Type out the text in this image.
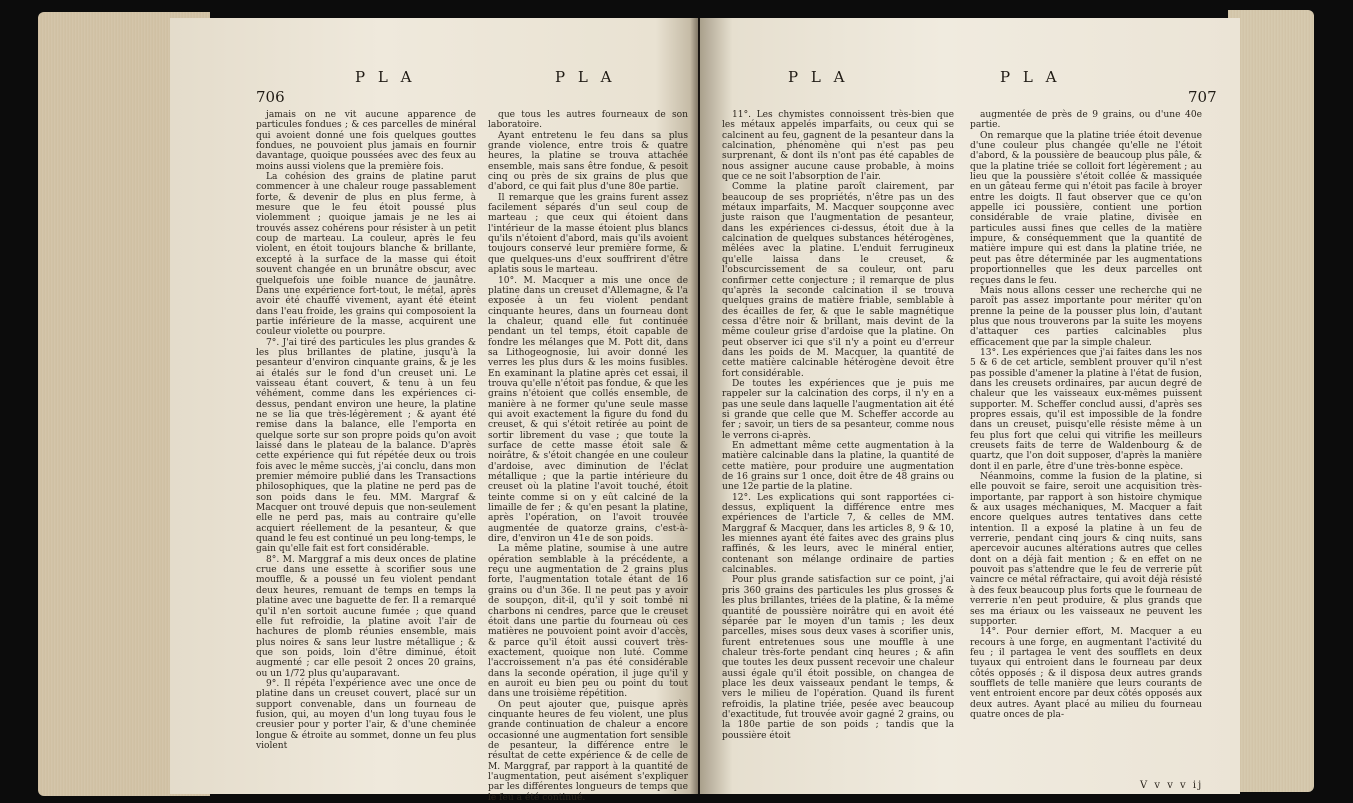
706
P L A	P L A

jamais on ne vit aucune apparence de particules fondues ; & ces parcelles de minéral qui avoient donné une fois quelques gouttes fondues, ne pouvoient plus jamais en fournir davantage, quoique poussées avec des feux au moins aussi violens que la première fois.

La cohésion des grains de platine parut commencer à une chaleur rouge passablement forte, & devenir de plus en plus ferme, à mesure que le feu étoit poussé plus violemment ; quoique jamais je ne les ai trouvés assez cohérens pour résister à un petit coup de marteau. La couleur, après le feu violent, en étoit toujours blanche & brillante, excepté à la surface de la masse qui étoit souvent changée en un brunâtre obscur, avec quelquefois une foible nuance de jaunâtre. Dans une expérience fort-tout, le métal, après avoir été chauffé vivement, ayant été éteint dans l'eau froide, les grains qui composoient la partie inférieure de la masse, acquirent une couleur violette ou pourpre.

7°. J'ai tiré des particules les plus grandes & les plus brillantes de platine, jusqu'à la pesanteur d'environ cinquante grains, & je les ai étalés sur le fond d'un creuset uni. Le vaisseau étant couvert, & tenu à un feu véhément, comme dans les expériences ci-dessus, pendant environ une heure, la platine ne se lia que très-légèrement ; & ayant été remise dans la balance, elle l'emporta en quelque sorte sur son propre poids qu'on avoit laissé dans le plateau de la balance. D'après cette expérience qui fut répétée deux ou trois fois avec le même succès, j'ai conclu, dans mon premier mémoire publié dans les Transactions philosophiques, que la platine ne perd pas de son poids dans le feu. MM. Margraf & Macquer ont trouvé depuis que non-seulement elle ne perd pas, mais au contraire qu'elle acquiert réellement de la pesanteur, & que quand le feu est continué un peu long-temps, le gain qu'elle fait est fort considérable.

8°. M. Marggraf a mis deux onces de platine crue dans une essette à scorifier sous une mouffle, & a poussé un feu violent pendant deux heures, remuant de temps en temps la platine avec une baguette de fer. Il a remarqué qu'il n'en sortoit aucune fumée ; que quand elle fut refroidie, la platine avoit l'air de hachures de plomb réunies ensemble, mais plus noires & sans leur lustre métallique ; & que son poids, loin d'être diminué, étoit augmenté ; car elle pesoit 2 onces 20 grains, ou un 1/72 plus qu'auparavant.

9°. Il répéta l'expérience avec une once de platine dans un creuset couvert, placé sur un support convenable, dans un fourneau de fusion, qui, au moyen d'un long tuyau fous le creusier pour y porter l'air, & d'une cheminée longue & étroite au sommet, donne un feu plus violent

que tous les autres fourneaux de son laboratoire.

Ayant entretenu le feu dans sa plus grande violence, entre trois & quatre heures, la platine se trouva attachée ensemble, mais sans être fondue, & pesoit cinq ou près de six grains de plus que d'abord, ce qui fait plus d'une 80e partie.

Il remarque que les grains furent assez facilement séparés d'un seul coup de marteau ; que ceux qui étoient dans l'intérieur de la masse étoient plus blancs qu'ils n'étoient d'abord, mais qu'ils avoient toujours conservé leur première forme, & que quelques-uns d'eux souffrirent d'être aplatis sous le marteau.

10°. M. Macquer a mis une once de platine dans un creuset d'Allemagne, & l'a exposée à un feu violent pendant cinquante heures, dans un fourneau dont la chaleur, quand elle fut continuée pendant un tel temps, étoit capable de fondre les mélanges que M. Pott dit, dans sa Lithogeognosie, lui avoir donné les verres les plus durs & les moins fusibles. En examinant la platine après cet essai, il trouva qu'elle n'étoit pas fondue, & que les grains n'étoient que collés ensemble, de manière à ne former qu'une seule masse qui avoit exactement la figure du fond du creuset, & qui s'étoit retirée au point de sortir librement du vase ; que toute la surface de cette masse étoit sale & noirâtre, & s'étoit changée en une couleur d'ardoise, avec diminution de l'éclat métallique ; que la partie intérieure du creuset où la platine l'avoit touché, étoit teinte comme si on y eût calciné de la limaille de fer ; & qu'en pesant la platine, après l'opération, on l'avoit trouvée augmentée de quatorze grains, c'est-à-dire, d'environ un 41e de son poids.

La même platine, soumise à une autre opération semblable à la précédente, a reçu une augmentation de 2 grains plus forte, l'augmentation totale étant de 16 grains ou d'un 36e. Il ne peut pas y avoir de soupçon, dit-il, qu'il y soit tombé ni charbons ni cendres, parce que le creuset étoit dans une partie du fourneau où ces matières ne pouvoient point avoir d'accès, & parce qu'il étoit aussi couvert très-exactement, quoique non luté. Comme l'accroissement n'a pas été considérable dans la seconde opération, il juge qu'il y en auroit eu bien peu ou point du tout dans une troisième répétition.

On peut ajouter que, puisque après cinquante heures de feu violent, une plus grande continuation de chaleur a encore occasionné une augmentation fort sensible de pesanteur, la différence entre le résultat de cette expérience & de celle de M. Marggraf, par rapport à la quantité de l'augmentation, peut aisément s'expliquer par les différentes longueurs de temps que le feu a été continué.

P L A	P L A
707

11°. Les chymistes connoissent très-bien que les métaux appelés imparfaits, ou ceux qui se calcinent au feu, gagnent de la pesanteur dans la calcination, phénomène qui n'est pas peu surprenant, & dont ils n'ont pas été capables de nous assigner aucune cause probable, à moins que ce ne soit l'absorption de l'air.

Comme la platine paroît clairement, par beaucoup de ses propriétés, n'être pas un des métaux imparfaits, M. Macquer soupçonne avec juste raison que l'augmentation de pesanteur, dans les expériences ci-dessus, étoit due à la calcination de quelques substances hétérogènes, mêlées avec la platine. L'enduit ferrugineux qu'elle laissa dans le creuset, & l'obscurcissement de sa couleur, ont paru confirmer cette conjecture ; il remarque de plus qu'après la seconde calcination il se trouva quelques grains de matière friable, semblable à des écailles de fer, & que le sable magnétique cessa d'être noir & brillant, mais devint de la même couleur grise d'ardoise que la platine. On peut observer ici que s'il n'y a point eu d'erreur dans les poids de M. Macquer, la quantité de cette matière calcinable hétérogène devoit être fort considérable.

De toutes les expériences que je puis me rappeler sur la calcination des corps, il n'y en a pas une seule dans laquelle l'augmentation ait été si grande que celle que M. Scheffer accorde au fer ; savoir, un tiers de sa pesanteur, comme nous le verrons ci-après.

En admettant même cette augmentation à la matière calcinable dans la platine, la quantité de cette matière, pour produire une augmentation de 16 grains sur 1 once, doit être de 48 grains ou une 12e partie de la platine.

12°. Les explications qui sont rapportées ci-dessus, expliquent la différence entre mes expériences de l'article 7, & celles de MM. Marggraf & Macquer, dans les articles 8, 9 & 10, les miennes ayant été faites avec des grains plus raffinés, & les leurs, avec le minéral entier, contenant son mélange ordinaire de parties calcinables.

Pour plus grande satisfaction sur ce point, j'ai pris 360 grains des particules les plus grosses & les plus brillantes, triées de la platine, & la même quantité de poussière noirâtre qui en avoit été séparée par le moyen d'un tamis ; les deux parcelles, mises sous deux vases à scorifier unis, furent entretenues sous une mouffle à une chaleur très-forte pendant cinq heures ; & afin que toutes les deux pussent recevoir une chaleur aussi égale qu'il étoit possible, on changea de place les deux vaisseaux pendant le temps, & vers le milieu de l'opération. Quand ils furent refroidis, la platine triée, pesée avec beaucoup d'exactitude, fut trouvée avoir gagné 2 grains, ou la 180e partie de son poids ; tandis que la poussière étoit

augmentée de près de 9 grains, ou d'une 40e partie.

On remarque que la platine triée étoit devenue d'une couleur plus changée qu'elle ne l'étoit d'abord, & la poussière de beaucoup plus pâle, & que la platine triée se colloit fort légèrement ; au lieu que la poussière s'étoit collée & massiquée en un gâteau ferme qui n'étoit pas facile à broyer entre les doigts. Il faut observer que ce qu'on appelle ici poussière, contient une portion considérable de vraie platine, divisée en particules aussi fines que celles de la matière impure, & conséquemment que la quantité de matière impure qui est dans la platine triée, ne peut pas être déterminée par les augmentations proportionnelles que les deux parcelles ont reçues dans le feu.

Mais nous allons cesser une recherche qui ne paroît pas assez importante pour mériter qu'on prenne la peine de la pousser plus loin, d'autant plus que nous trouverons par la suite les moyens d'attaquer ces parties calcinables plus efficacement que par la simple chaleur.

13°. Les expériences que j'ai faites dans les nos 5 & 6 de cet article, semblent prouver qu'il n'est pas possible d'amener la platine à l'état de fusion, dans les creusets ordinaires, par aucun degré de chaleur que les vaisseaux eux-mêmes puissent supporter. M. Scheffer conclud aussi, d'après ses propres essais, qu'il est impossible de la fondre dans un creuset, puisqu'elle résiste même à un feu plus fort que celui qui vitrifie les meilleurs creusets faits de terre de Waldenbourg & de quartz, que l'on doit supposer, d'après la manière dont il en parle, être d'une très-bonne espèce.

Néanmoins, comme la fusion de la platine, si elle pouvoit se faire, seroit une acquisition très-importante, par rapport à son histoire chymique & aux usages méchaniques, M. Macquer a fait encore quelques autres tentatives dans cette intention. Il a exposé la platine à un feu de verrerie, pendant cinq jours & cinq nuits, sans apercevoir aucunes altérations autres que celles dont on a déjà fait mention ; & en effet on ne pouvoit pas s'attendre que le feu de verrerie pût vaincre ce métal réfractaire, qui avoit déjà résisté à des feux beaucoup plus forts que le fourneau de verrerie n'en peut produire, & plus grands que ses ma ériaux ou les vaisseaux ne peuvent les supporter.

14°. Pour dernier effort, M. Macquer a eu recours à une forge, en augmentant l'activité du feu ; il partagea le vent des soufflets en deux tuyaux qui entroient dans le fourneau par deux côtés opposés ; & il disposa deux autres grands soufflets de telle manière que leurs courants de vent entroient encore par deux côtés opposés aux deux autres. Ayant placé au milieu du fourneau quatre onces de pla-

V v v v ij
